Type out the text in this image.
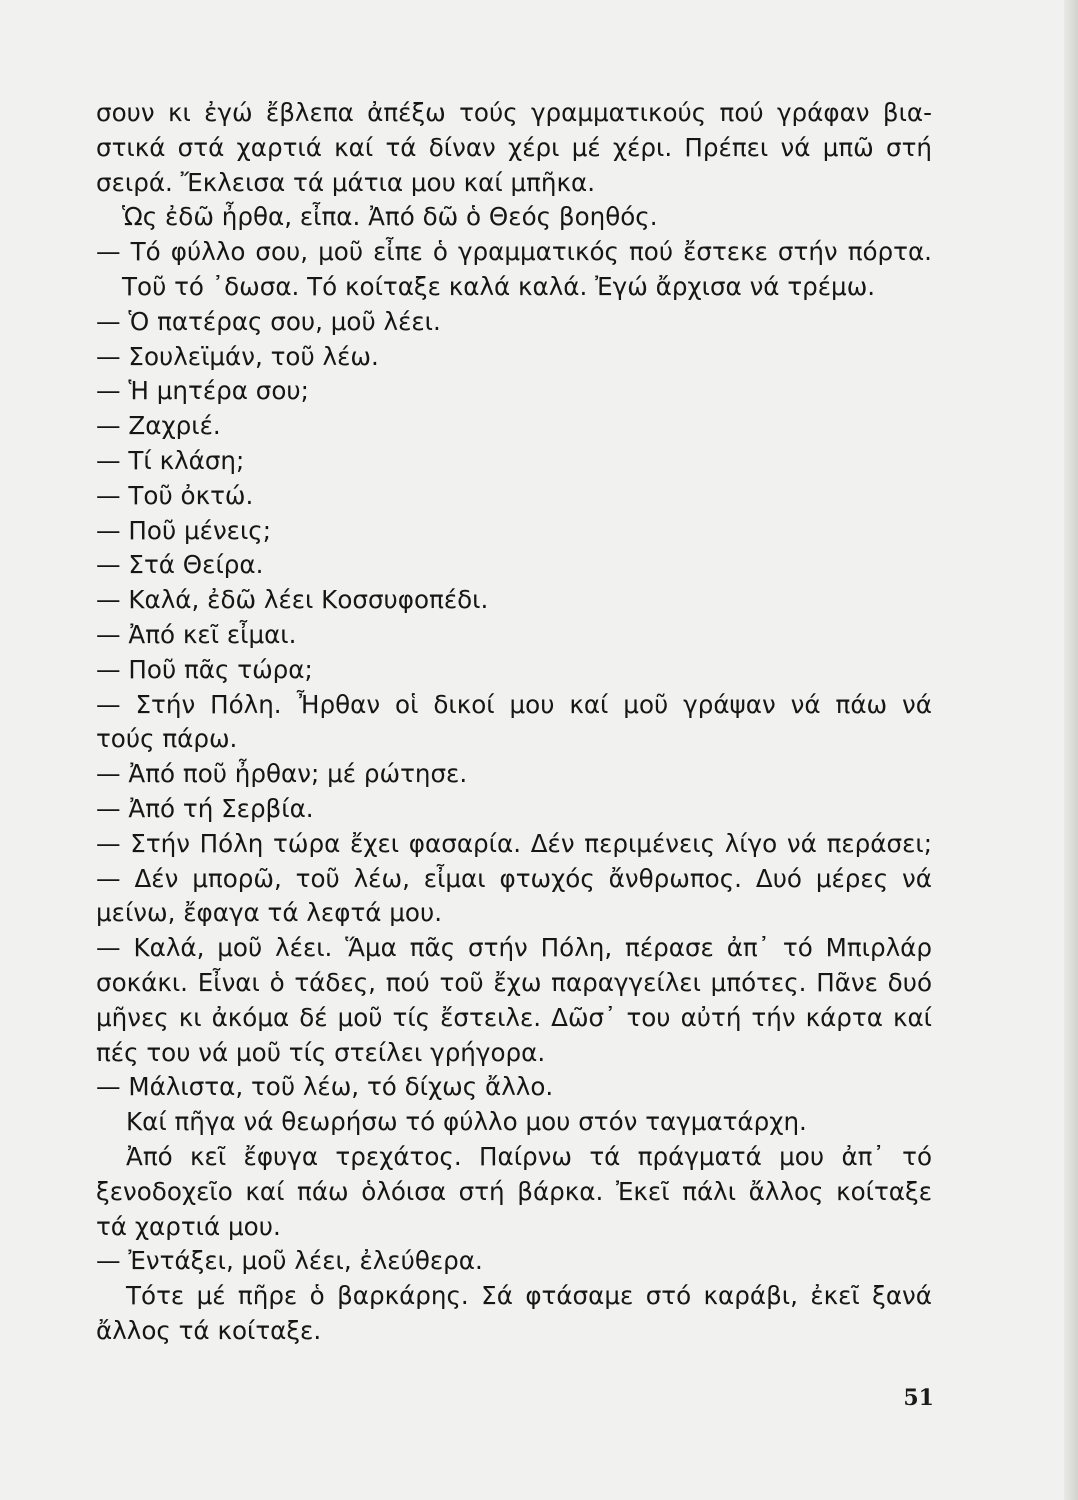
σουν κι ἐγώ ἔβλεπα ἀπέξω τούς γραμματικούς πού γράφαν βια-
στικά στά χαρτιά καί τά δίναν χέρι μέ χέρι. Πρέπει νά μπῶ στή
σειρά. Ἔκλεισα τά μάτια μου καί μπῆκα.
Ὡς ἐδῶ ἦρθα, εἶπα. Ἀπό δῶ ὁ Θεός βοηθός.
— Τό φύλλο σου, μοῦ εἶπε ὁ γραμματικός πού ἔστεκε στήν πόρτα.
Τοῦ τό ᾿δωσα. Τό κοίταξε καλά καλά. Ἐγώ ἄρχισα νά τρέμω.
— Ὁ πατέρας σου, μοῦ λέει.
— Σουλεϊμάν, τοῦ λέω.
— Ἡ μητέρα σου;
— Ζαχριέ.
— Τί κλάση;
— Τοῦ ὀκτώ.
— Ποῦ μένεις;
— Στά Θείρα.
— Καλά, ἐδῶ λέει Κοσσυφοπέδι.
— Ἀπό κεῖ εἶμαι.
— Ποῦ πᾶς τώρα;
— Στήν Πόλη. Ἦρθαν οἱ δικοί μου καί μοῦ γράψαν νά πάω νά
τούς πάρω.
— Ἀπό ποῦ ἦρθαν; μέ ρώτησε.
— Ἀπό τή Σερβία.
— Στήν Πόλη τώρα ἔχει φασαρία. Δέν περιμένεις λίγο νά περάσει;
— Δέν μπορῶ, τοῦ λέω, εἶμαι φτωχός ἄνθρωπος. Δυό μέρες νά
μείνω, ἔφαγα τά λεφτά μου.
— Καλά, μοῦ λέει. Ἅμα πᾶς στήν Πόλη, πέρασε ἀπ᾿ τό Μπιρλάρ
σοκάκι. Εἶναι ὁ τάδες, πού τοῦ ἔχω παραγγείλει μπότες. Πᾶνε δυό
μῆνες κι ἀκόμα δέ μοῦ τίς ἔστειλε. Δῶσ᾿ του αὐτή τήν κάρτα καί
πές του νά μοῦ τίς στείλει γρήγορα.
— Μάλιστα, τοῦ λέω, τό δίχως ἄλλο.
Καί πῆγα νά θεωρήσω τό φύλλο μου στόν ταγματάρχη.
Ἀπό κεῖ ἔφυγα τρεχάτος. Παίρνω τά πράγματά μου ἀπ᾿ τό
ξενοδοχεῖο καί πάω ὁλόισα στή βάρκα. Ἐκεῖ πάλι ἄλλος κοίταξε
τά χαρτιά μου.
— Ἐντάξει, μοῦ λέει, ἐλεύθερα.
Τότε μέ πῆρε ὁ βαρκάρης. Σά φτάσαμε στό καράβι, ἐκεῖ ξανά
ἄλλος τά κοίταξε.
51
